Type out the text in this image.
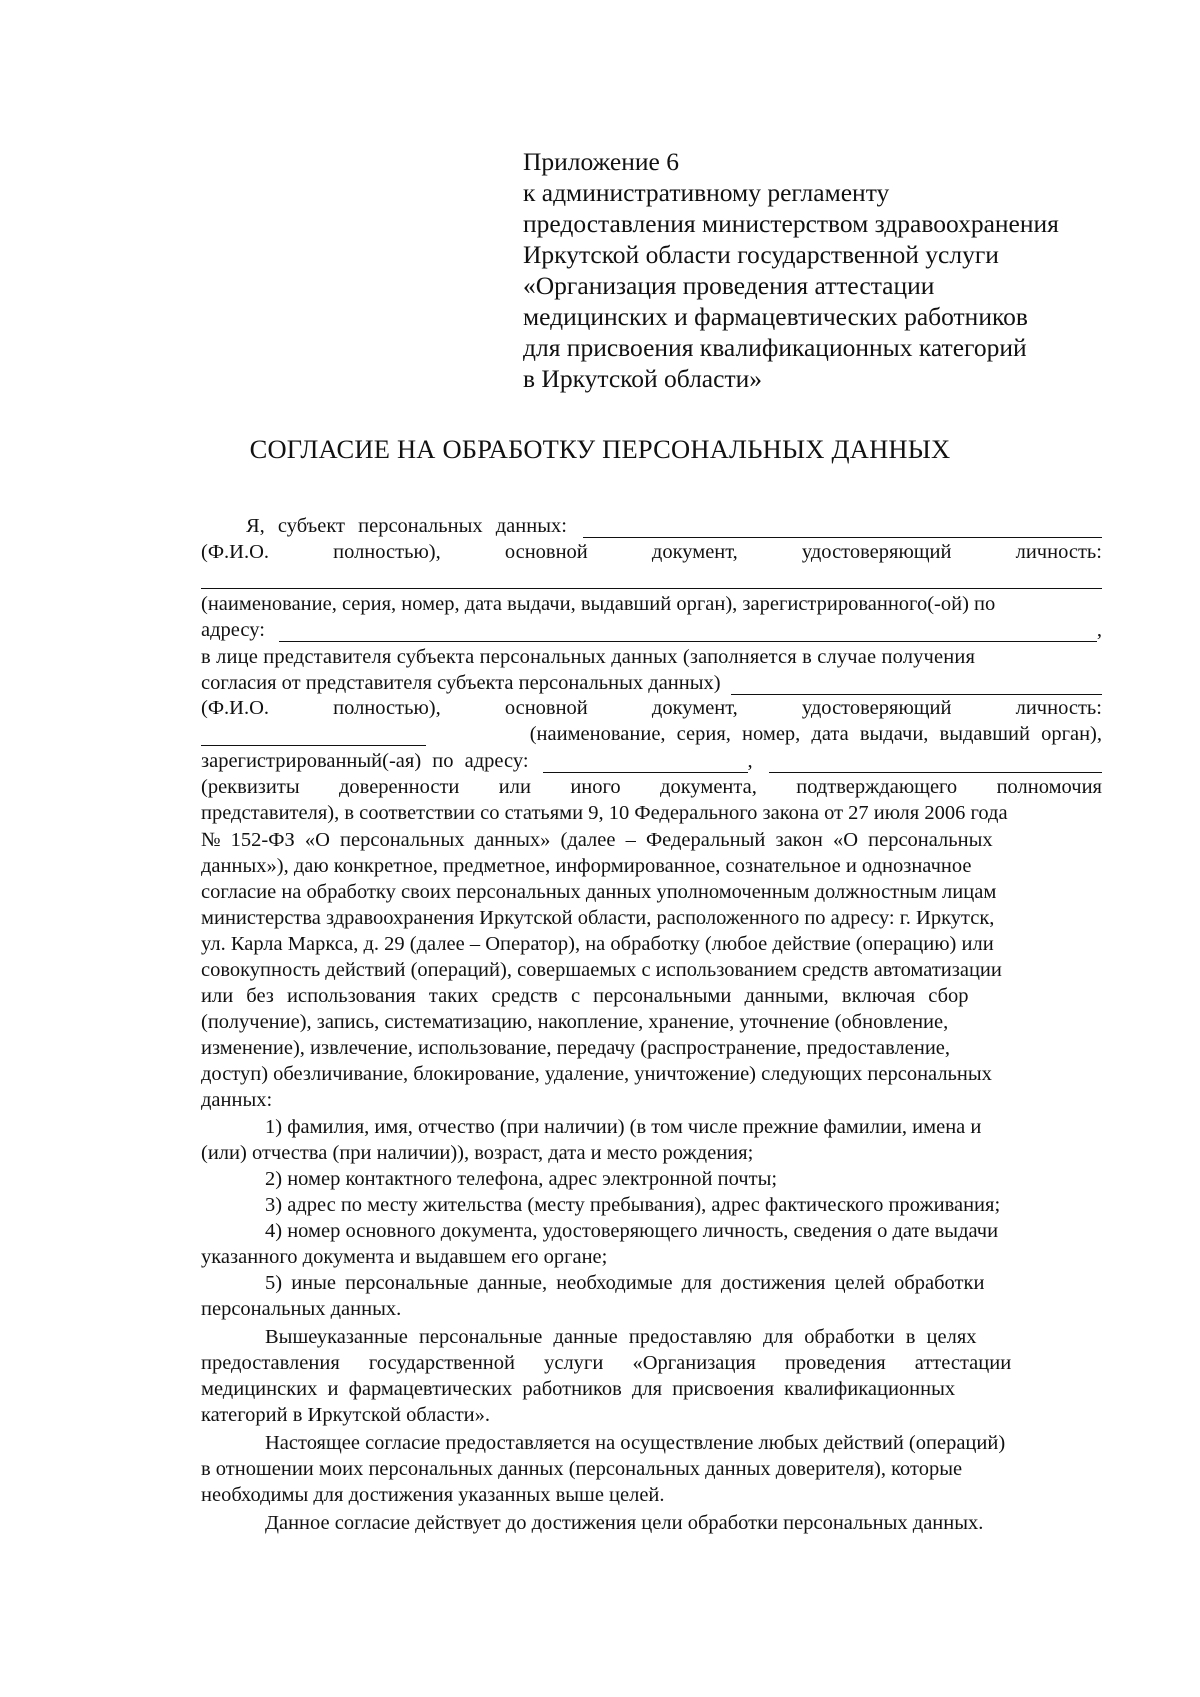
Приложение 6
к административному регламенту
предоставления министерством здравоохранения
Иркутской области государственной услуги
«Организация проведения аттестации
медицинских и фармацевтических работников
для присвоения квалификационных категорий
в Иркутской области»
СОГЛАСИЕ НА ОБРАБОТКУ ПЕРСОНАЛЬНЫХ ДАННЫХ
Я, субъект персональных данных:
(Ф.И.О.	полностью),	основной	документ,	удостоверяющий	личность:
(наименование, серия, номер, дата выдачи, выдавший орган), зарегистрированного(-ой) по
адресу:	,
в лице представителя субъекта персональных данных (заполняется в случае получения
согласия от представителя субъекта персональных данных)
(Ф.И.О.	полностью),	основной	документ,	удостоверяющий	личность:
(наименование, серия, номер, дата выдачи, выдавший орган),
зарегистрированный(-ая) по адресу:	,
(реквизиты доверенности или иного документа, подтверждающего полномочия
представителя), в соответствии со статьями 9, 10 Федерального закона от 27 июля 2006 года
№ 152-ФЗ «О персональных данных» (далее – Федеральный закон «О персональных
данных»), даю конкретное, предметное, информированное, сознательное и однозначное
согласие на обработку своих персональных данных уполномоченным должностным лицам
министерства здравоохранения Иркутской области, расположенного по адресу: г. Иркутск,
ул. Карла Маркса, д. 29 (далее – Оператор), на обработку (любое действие (операцию) или
совокупность действий (операций), совершаемых с использованием средств автоматизации
или без использования таких средств с персональными данными, включая сбор
(получение), запись, систематизацию, накопление, хранение, уточнение (обновление,
изменение), извлечение, использование, передачу (распространение, предоставление,
доступ) обезличивание, блокирование, удаление, уничтожение) следующих персональных
данных:
1) фамилия, имя, отчество (при наличии) (в том числе прежние фамилии, имена и
(или) отчества (при наличии)), возраст, дата и место рождения;
2) номер контактного телефона, адрес электронной почты;
3) адрес по месту жительства (месту пребывания), адрес фактического проживания;
4) номер основного документа, удостоверяющего личность, сведения о дате выдачи
указанного документа и выдавшем его органе;
5) иные персональные данные, необходимые для достижения целей обработки
персональных данных.
Вышеуказанные персональные данные предоставляю для обработки в целях
предоставления государственной услуги «Организация проведения аттестации
медицинских и фармацевтических работников для присвоения квалификационных
категорий в Иркутской области».
Настоящее согласие предоставляется на осуществление любых действий (операций)
в отношении моих персональных данных (персональных данных доверителя), которые
необходимы для достижения указанных выше целей.
Данное согласие действует до достижения цели обработки персональных данных.
